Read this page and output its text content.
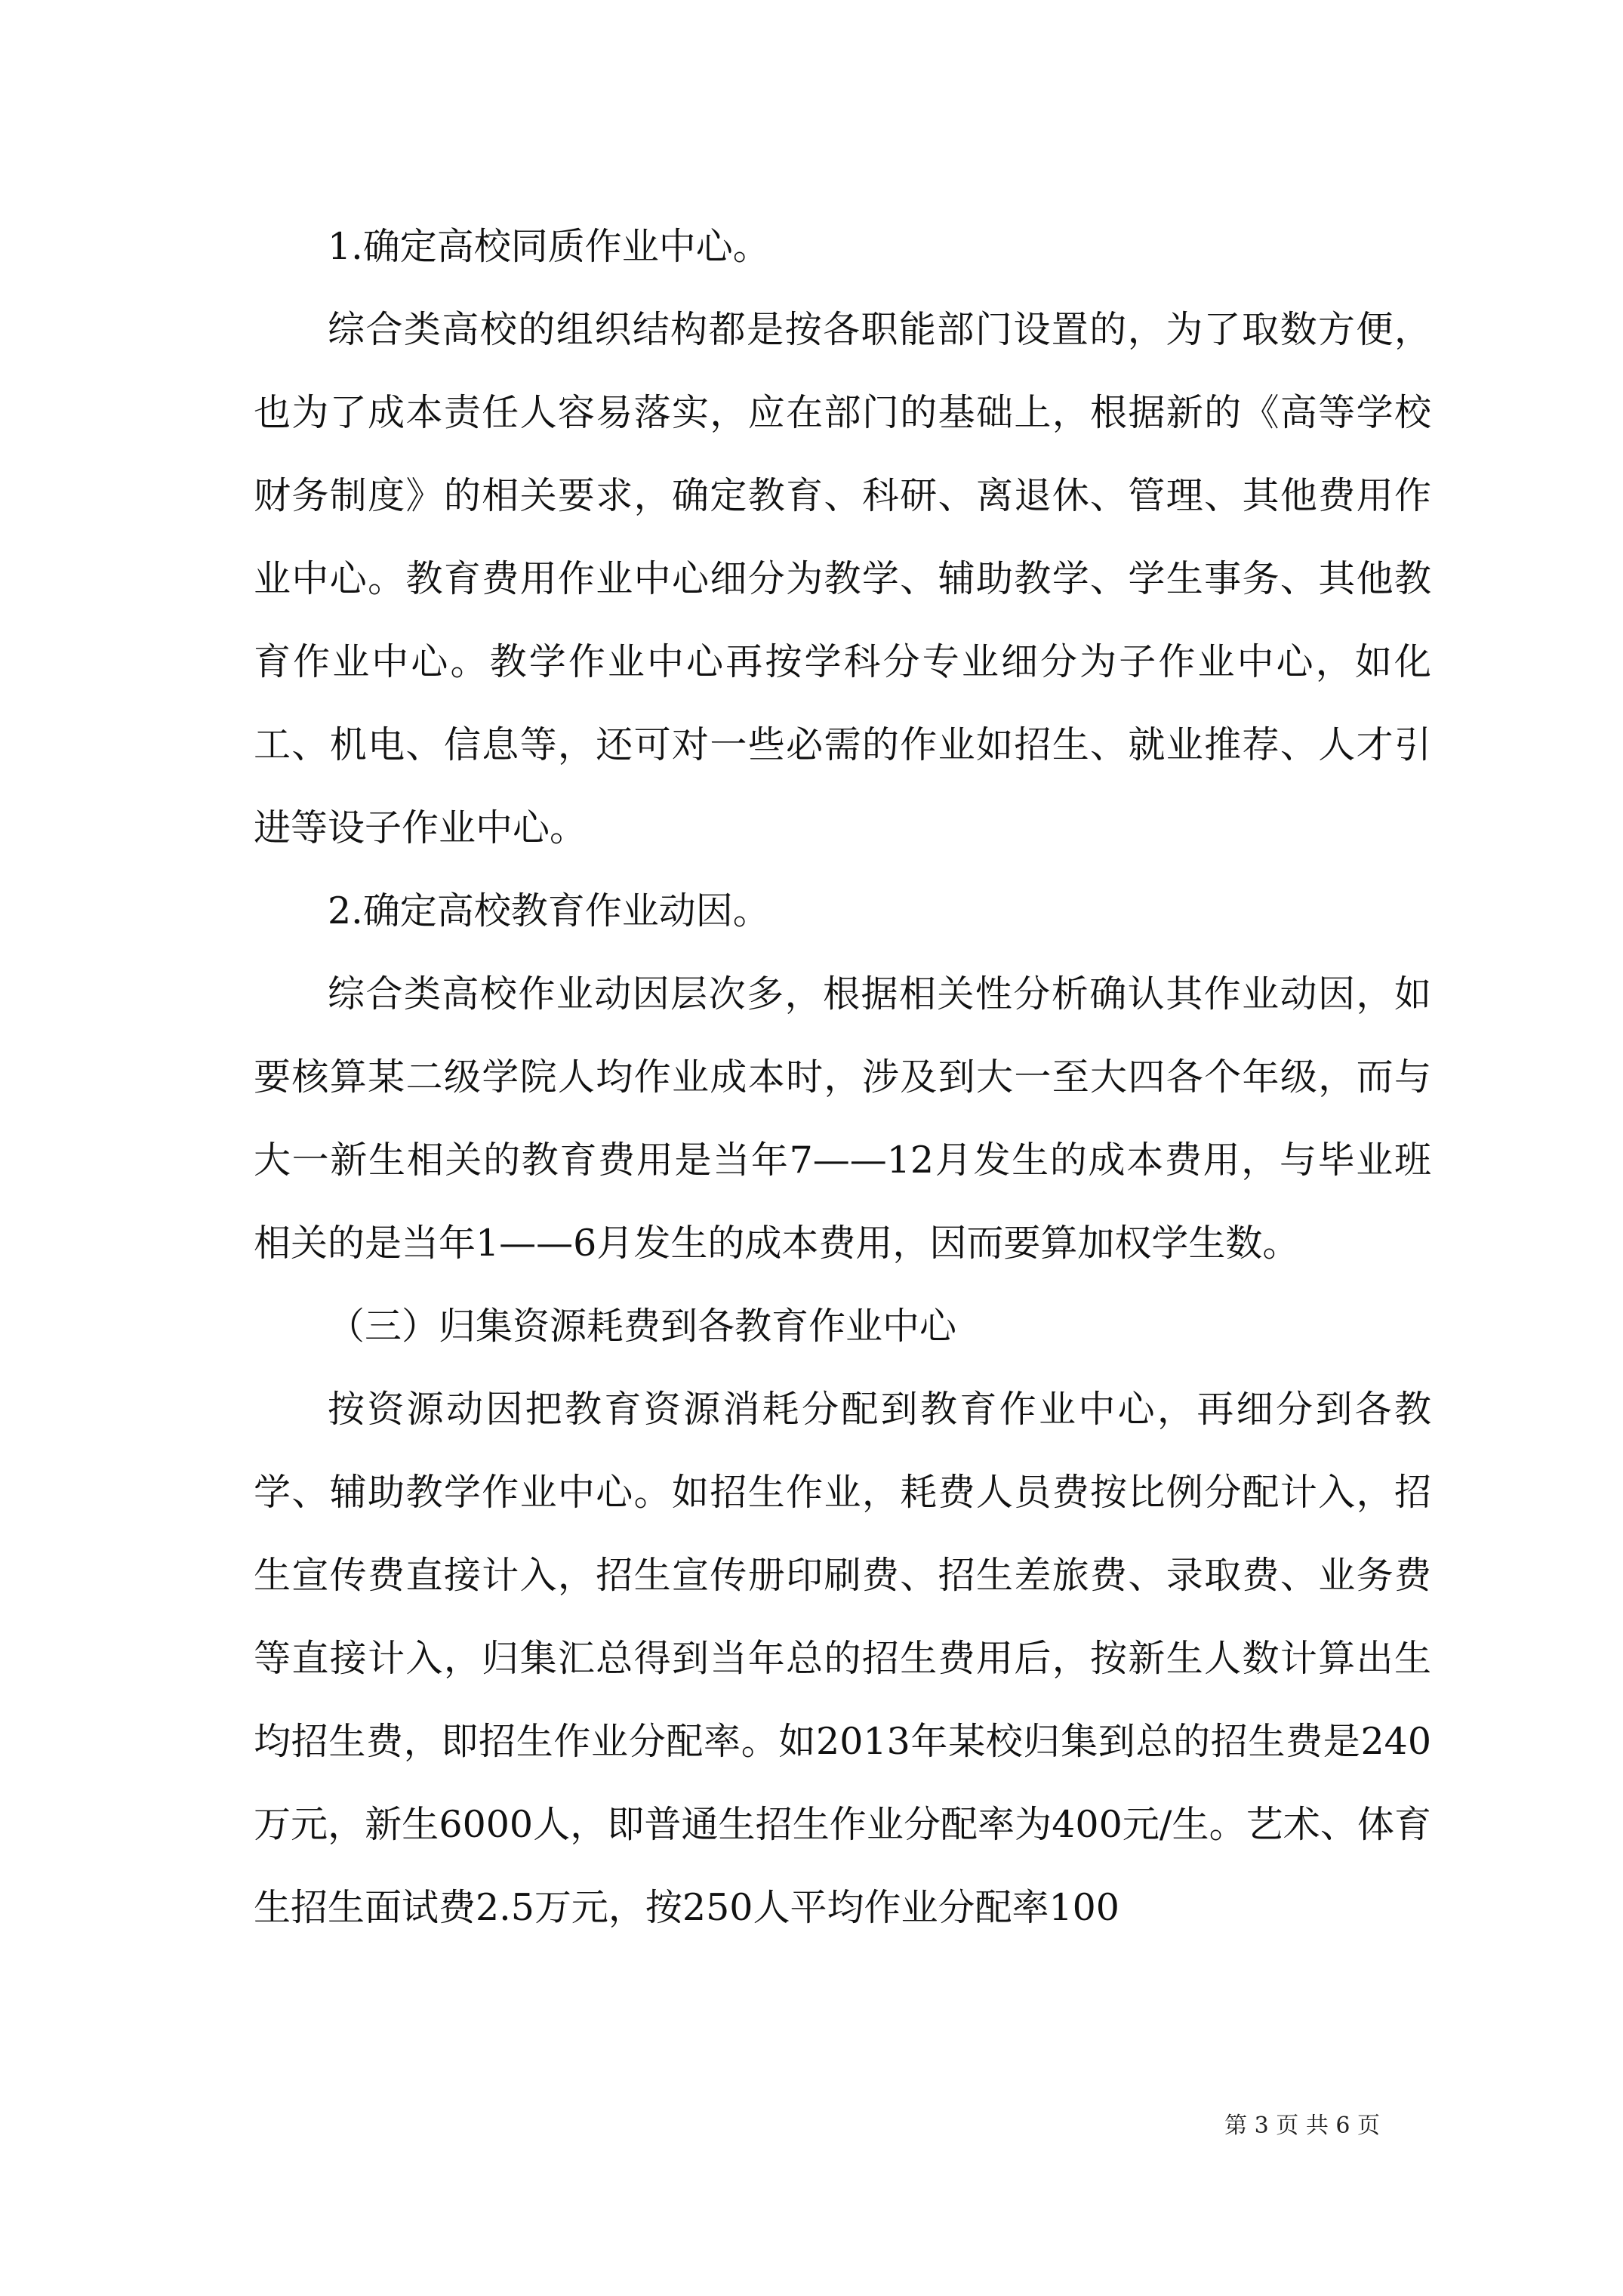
1.确定高校同质作业中心。

综合类高校的组织结构都是按各职能部门设置的，为了取数方便，也为了成本责任人容易落实，应在部门的基础上，根据新的《高等学校财务制度》的相关要求，确定教育、科研、离退休、管理、其他费用作业中心。教育费用作业中心细分为教学、辅助教学、学生事务、其他教育作业中心。教学作业中心再按学科分专业细分为子作业中心，如化工、机电、信息等，还可对一些必需的作业如招生、就业推荐、人才引进等设子作业中心。

2.确定高校教育作业动因。

综合类高校作业动因层次多，根据相关性分析确认其作业动因，如要核算某二级学院人均作业成本时，涉及到大一至大四各个年级，而与大一新生相关的教育费用是当年7——12月发生的成本费用，与毕业班相关的是当年1——6月发生的成本费用，因而要算加权学生数。

（三）归集资源耗费到各教育作业中心

按资源动因把教育资源消耗分配到教育作业中心，再细分到各教学、辅助教学作业中心。如招生作业，耗费人员费按比例分配计入，招生宣传费直接计入，招生宣传册印刷费、招生差旅费、录取费、业务费等直接计入，归集汇总得到当年总的招生费用后，按新生人数计算出生均招生费，即招生作业分配率。如2013年某校归集到总的招生费是240万元，新生6000人，即普通生招生作业分配率为400元/生。艺术、体育生招生面试费2.5万元，按250人平均作业分配率100

第 3 页 共 6 页
